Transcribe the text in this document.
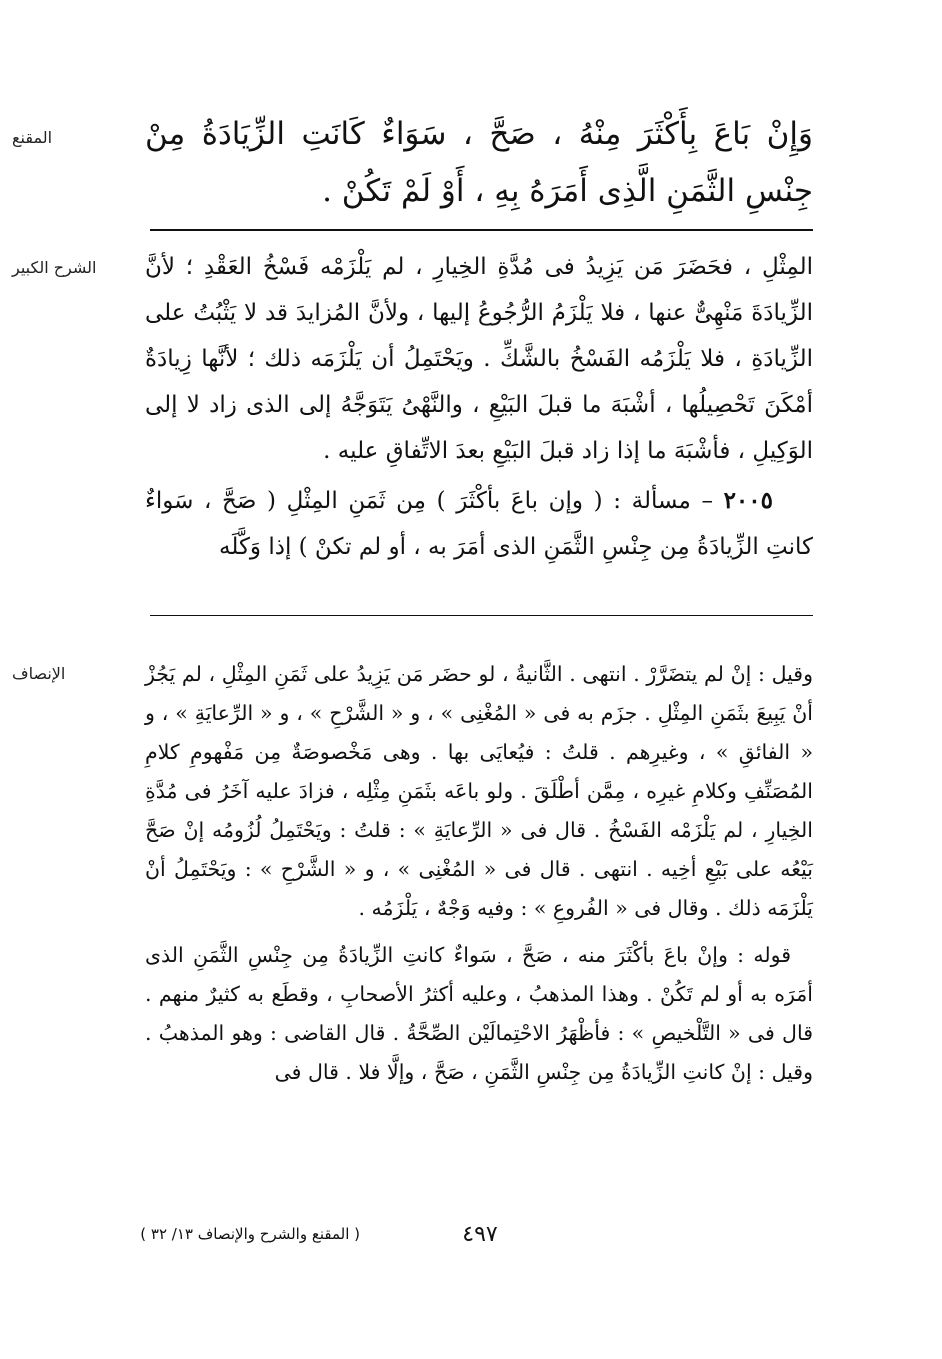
المقنع	وَإِنْ بَاعَ بِأَكْثَرَ مِنْهُ ، صَحَّ ، سَوَاءٌ كَانَتِ الزِّيَادَةُ مِنْ جِنْسِ الثَّمَنِ الَّذِى أَمَرَهُ بِهِ ، أَوْ لَمْ تَكُنْ .

الشرح الكبير	المِثْلِ ، فحَضَرَ مَن يَزِيدُ فى مُدَّةِ الخِيارِ ، لم يَلْزَمْه فَسْخُ العَقْدِ ؛ لأنَّ الزِّيادَةَ مَنْهِىٌّ عنها ، فلا يَلْزَمُ الرُّجُوعُ إليها ، ولأنَّ المُزايدَ قد لا يَثْبُتُ على الزِّيادَةِ ، فلا يَلْزَمُه الفَسْخُ بالشَّكِّ . ويَحْتَمِلُ أن يَلْزَمَه ذلك ؛ لأنَّها زِيادَةٌ أمْكَنَ تَحْصِيلُها ، أشْبَهَ ما قبلَ البَيْعِ ، والنَّهْىُ يَتَوَجَّهُ إلى الذى زاد لا إلى الوَكِيلِ ، فأشْبَهَ ما إذا زاد قبلَ البَيْعِ بعدَ الاتِّفاقِ عليه .

٢٠٠٥ – مسألة : ( وإن باعَ بأكْثَرَ ) مِن ثَمَنِ المِثْلِ ( صَحَّ ، سَواءٌ كانتِ الزِّيادَةُ مِن جِنْسِ الثَّمَنِ الذى أمَرَ به ، أو لم تكنْ ) إذا وَكَّلَه

الإنصاف	وقيل : إنْ لم يتضَرَّرْ . انتهى . الثَّانيةُ ، لو حضَر مَن يَزِيدُ على ثَمَنِ المِثْلِ ، لم يَجُزْ أنْ يَبِيعَ بثَمَنِ المِثْلِ . جزَم به فى « المُغْنِى » ، و « الشَّرْحِ » ، و « الرِّعايَةِ » ، و « الفائقِ » ، وغيرِهم . قلتُ : فيُعايَى بها . وهى مَخْصوصَةٌ مِن مَفْهومِ كلامِ المُصَنِّفِ وكلامِ غيرِه ، مِمَّن أطْلَقَ . ولو باعَه بثَمَنِ مِثْلِه ، فزادَ عليه آخَرُ فى مُدَّةِ الخِيارِ ، لم يَلْزَمْه الفَسْخُ . قال فى « الرِّعايَةِ » : قلتُ : ويَحْتَمِلُ لُزُومُه إنْ صَحَّ بَيْعُه على بَيْعِ أخِيه . انتهى . قال فى « المُغْنِى » ، و « الشَّرْحِ » : ويَحْتَمِلُ أنْ يَلْزَمَه ذلك . وقال فى « الفُروعِ » : وفيه وَجْهٌ ، يَلْزَمُه .

قوله : وإنْ باعَ بأكْثَرَ منه ، صَحَّ ، سَواءٌ كانتِ الزِّيادَةُ مِن جِنْسِ الثَّمَنِ الذى أمَرَه به أو لم تَكُنْ . وهذا المذهبُ ، وعليه أكثرُ الأصحابِ ، وقطَع به كثيرٌ منهم . قال فى « التَّلْخيصِ » : فأظْهَرُ الاحْتِمالَيْن الصِّحَّةُ . قال القاضى : وهو المذهبُ . وقيل : إنْ كانتِ الزِّيادَةُ مِن جِنْسِ الثَّمَنِ ، صَحَّ ، وإلَّا فلا . قال فى

٤٩٧
( المقنع والشرح والإنصاف ١٣/ ٣٢ )
